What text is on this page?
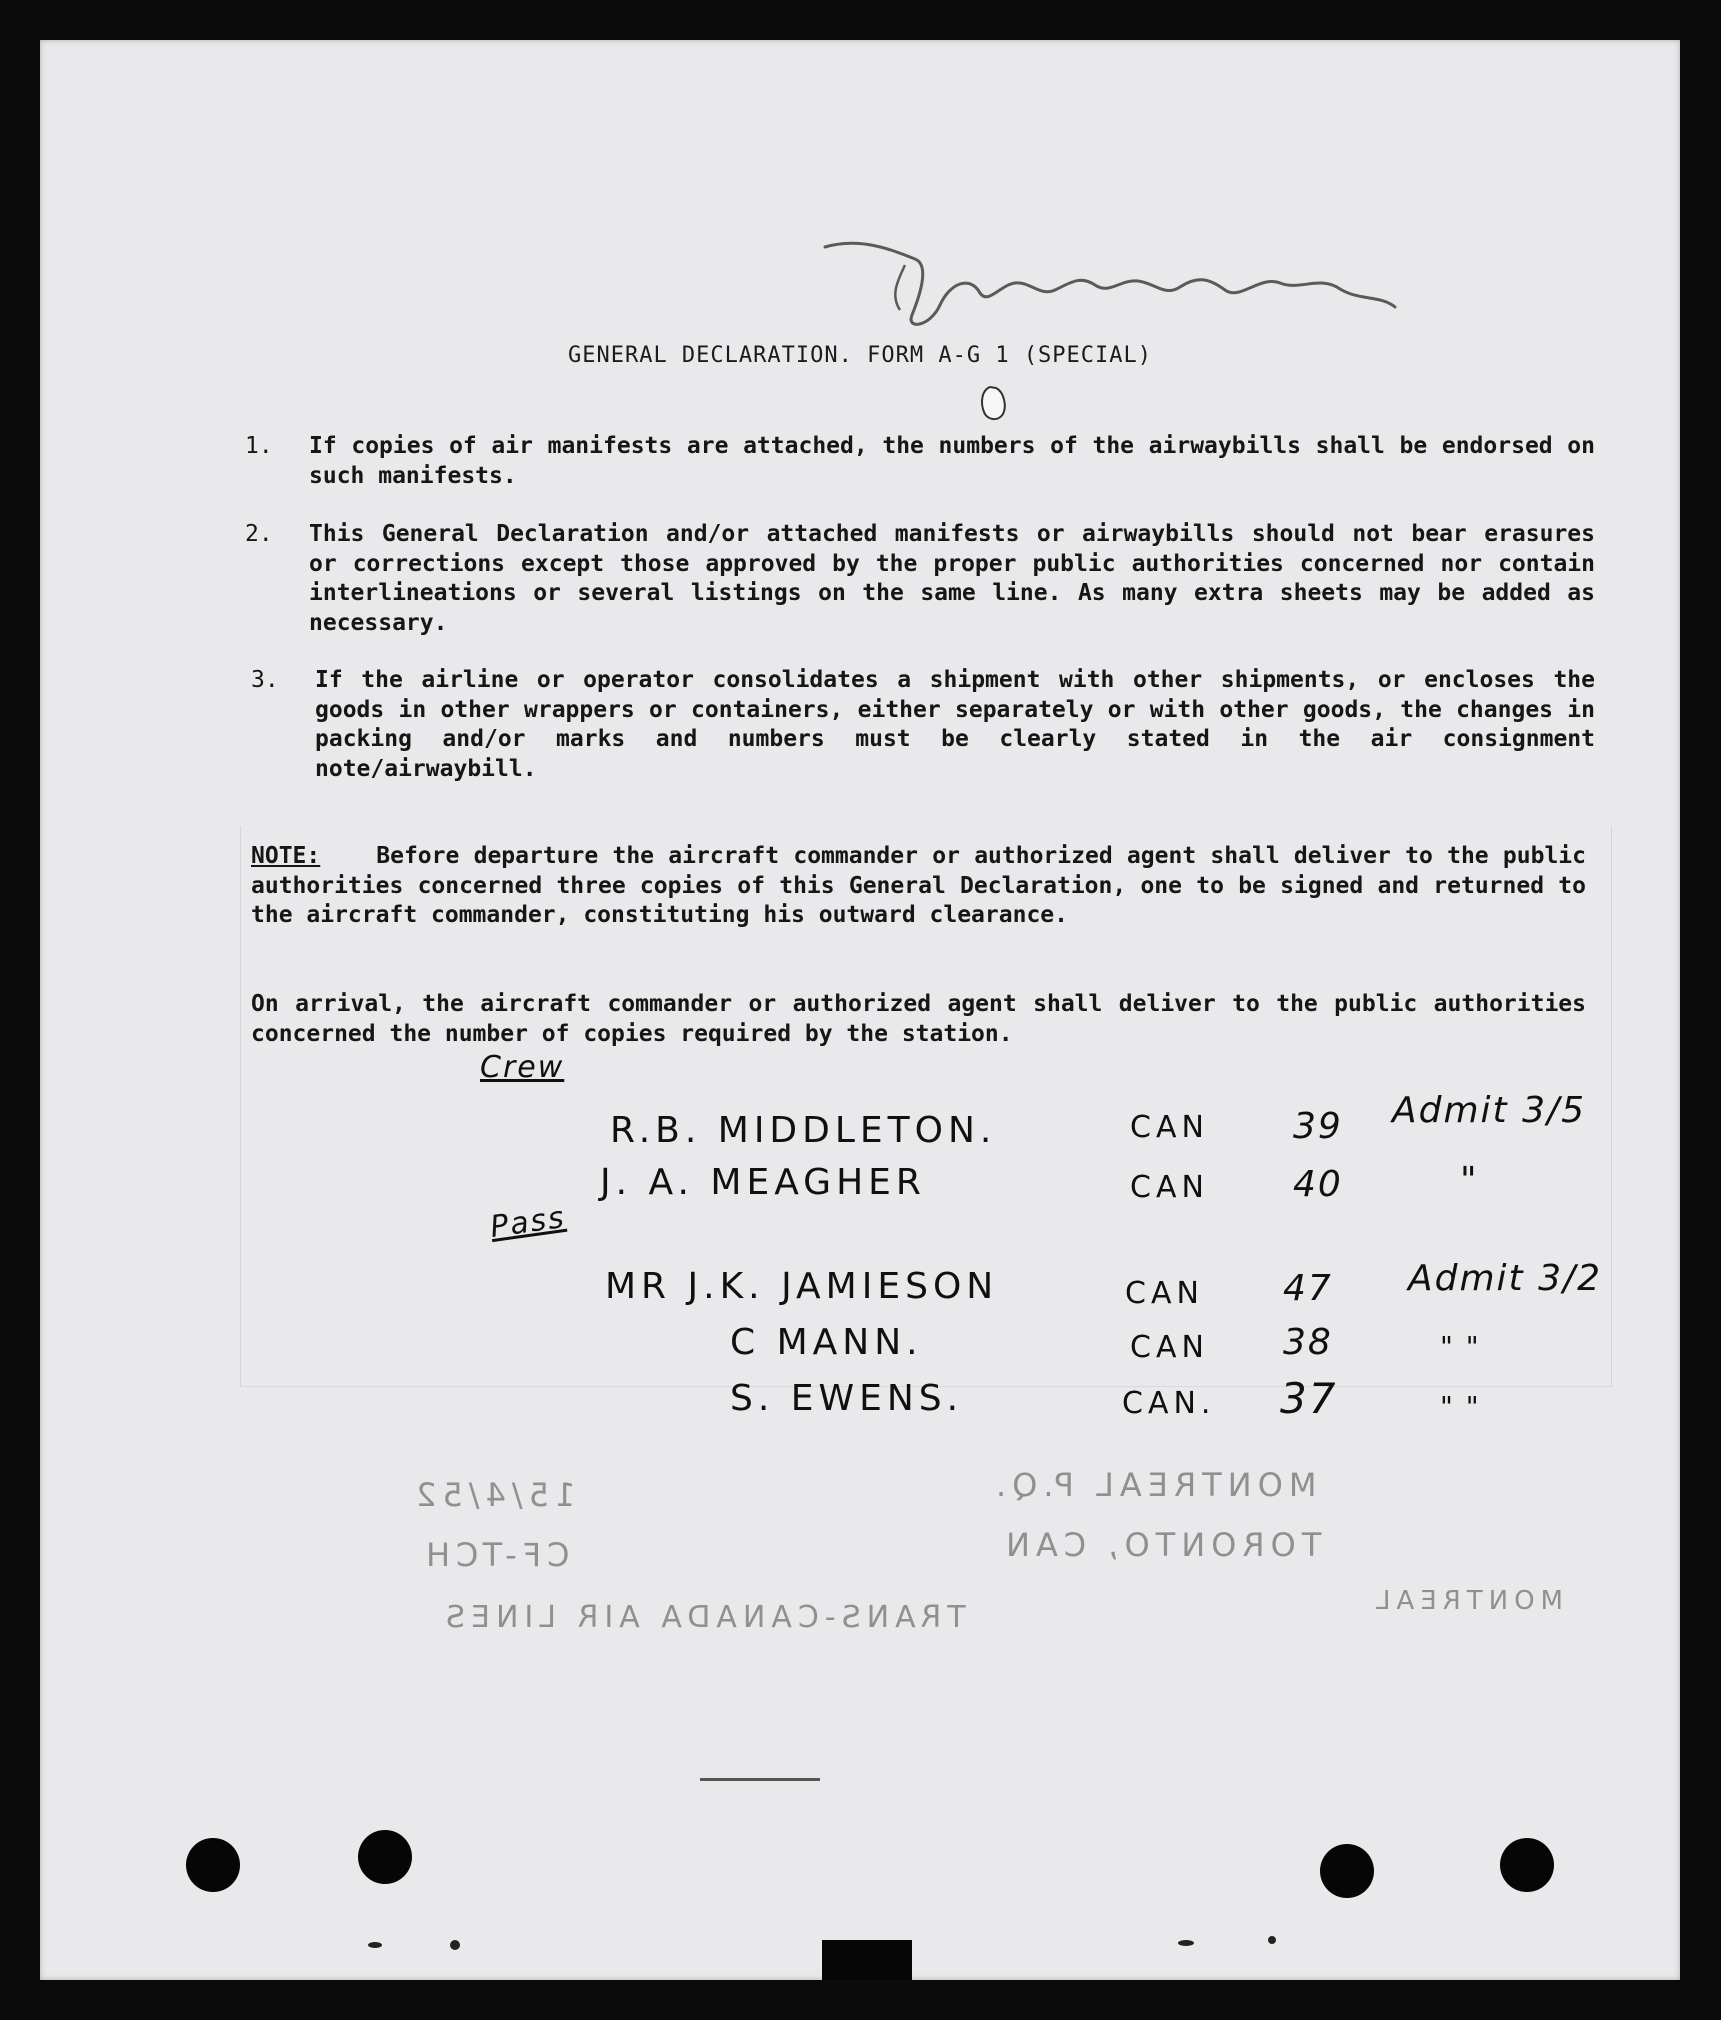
GENERAL DECLARATION. FORM A-G 1 (SPECIAL)
1. If copies of air manifests are attached, the numbers of the airwaybills shall be endorsed on such manifests.
2. This General Declaration and/or attached manifests or airwaybills should not bear erasures or corrections except those approved by the proper public authorities concerned nor contain interlineations or several listings on the same line. As many extra sheets may be added as necessary.
3. If the airline or operator consolidates a shipment with other shipments, or encloses the goods in other wrappers or containers, either separately or with other goods, the changes in packing and/or marks and numbers must be clearly stated in the air consignment note/airwaybill.
NOTE: Before departure the aircraft commander or authorized agent shall deliver to the public authorities concerned three copies of this General Declaration, one to be signed and returned to the aircraft commander, constituting his outward clearance.
On arrival, the aircraft commander or authorized agent shall deliver to the public authorities concerned the number of copies required by the station.
Crew
Pass
R.B. MIDDLETON.	CAN 39 Admit 3/5
J. A. MEAGHER	CAN 40	"
MR J.K. JAMIESON	CAN 47 Admit 3/2
C MANN.	CAN 38	" "
S. EWENS.	CAN. 37	" "
15/4/52	MONTREAL P.Q.
CF-TCH	TORONTO, CAN
TRANS-CANADA AIR LINES	MONTREAL
